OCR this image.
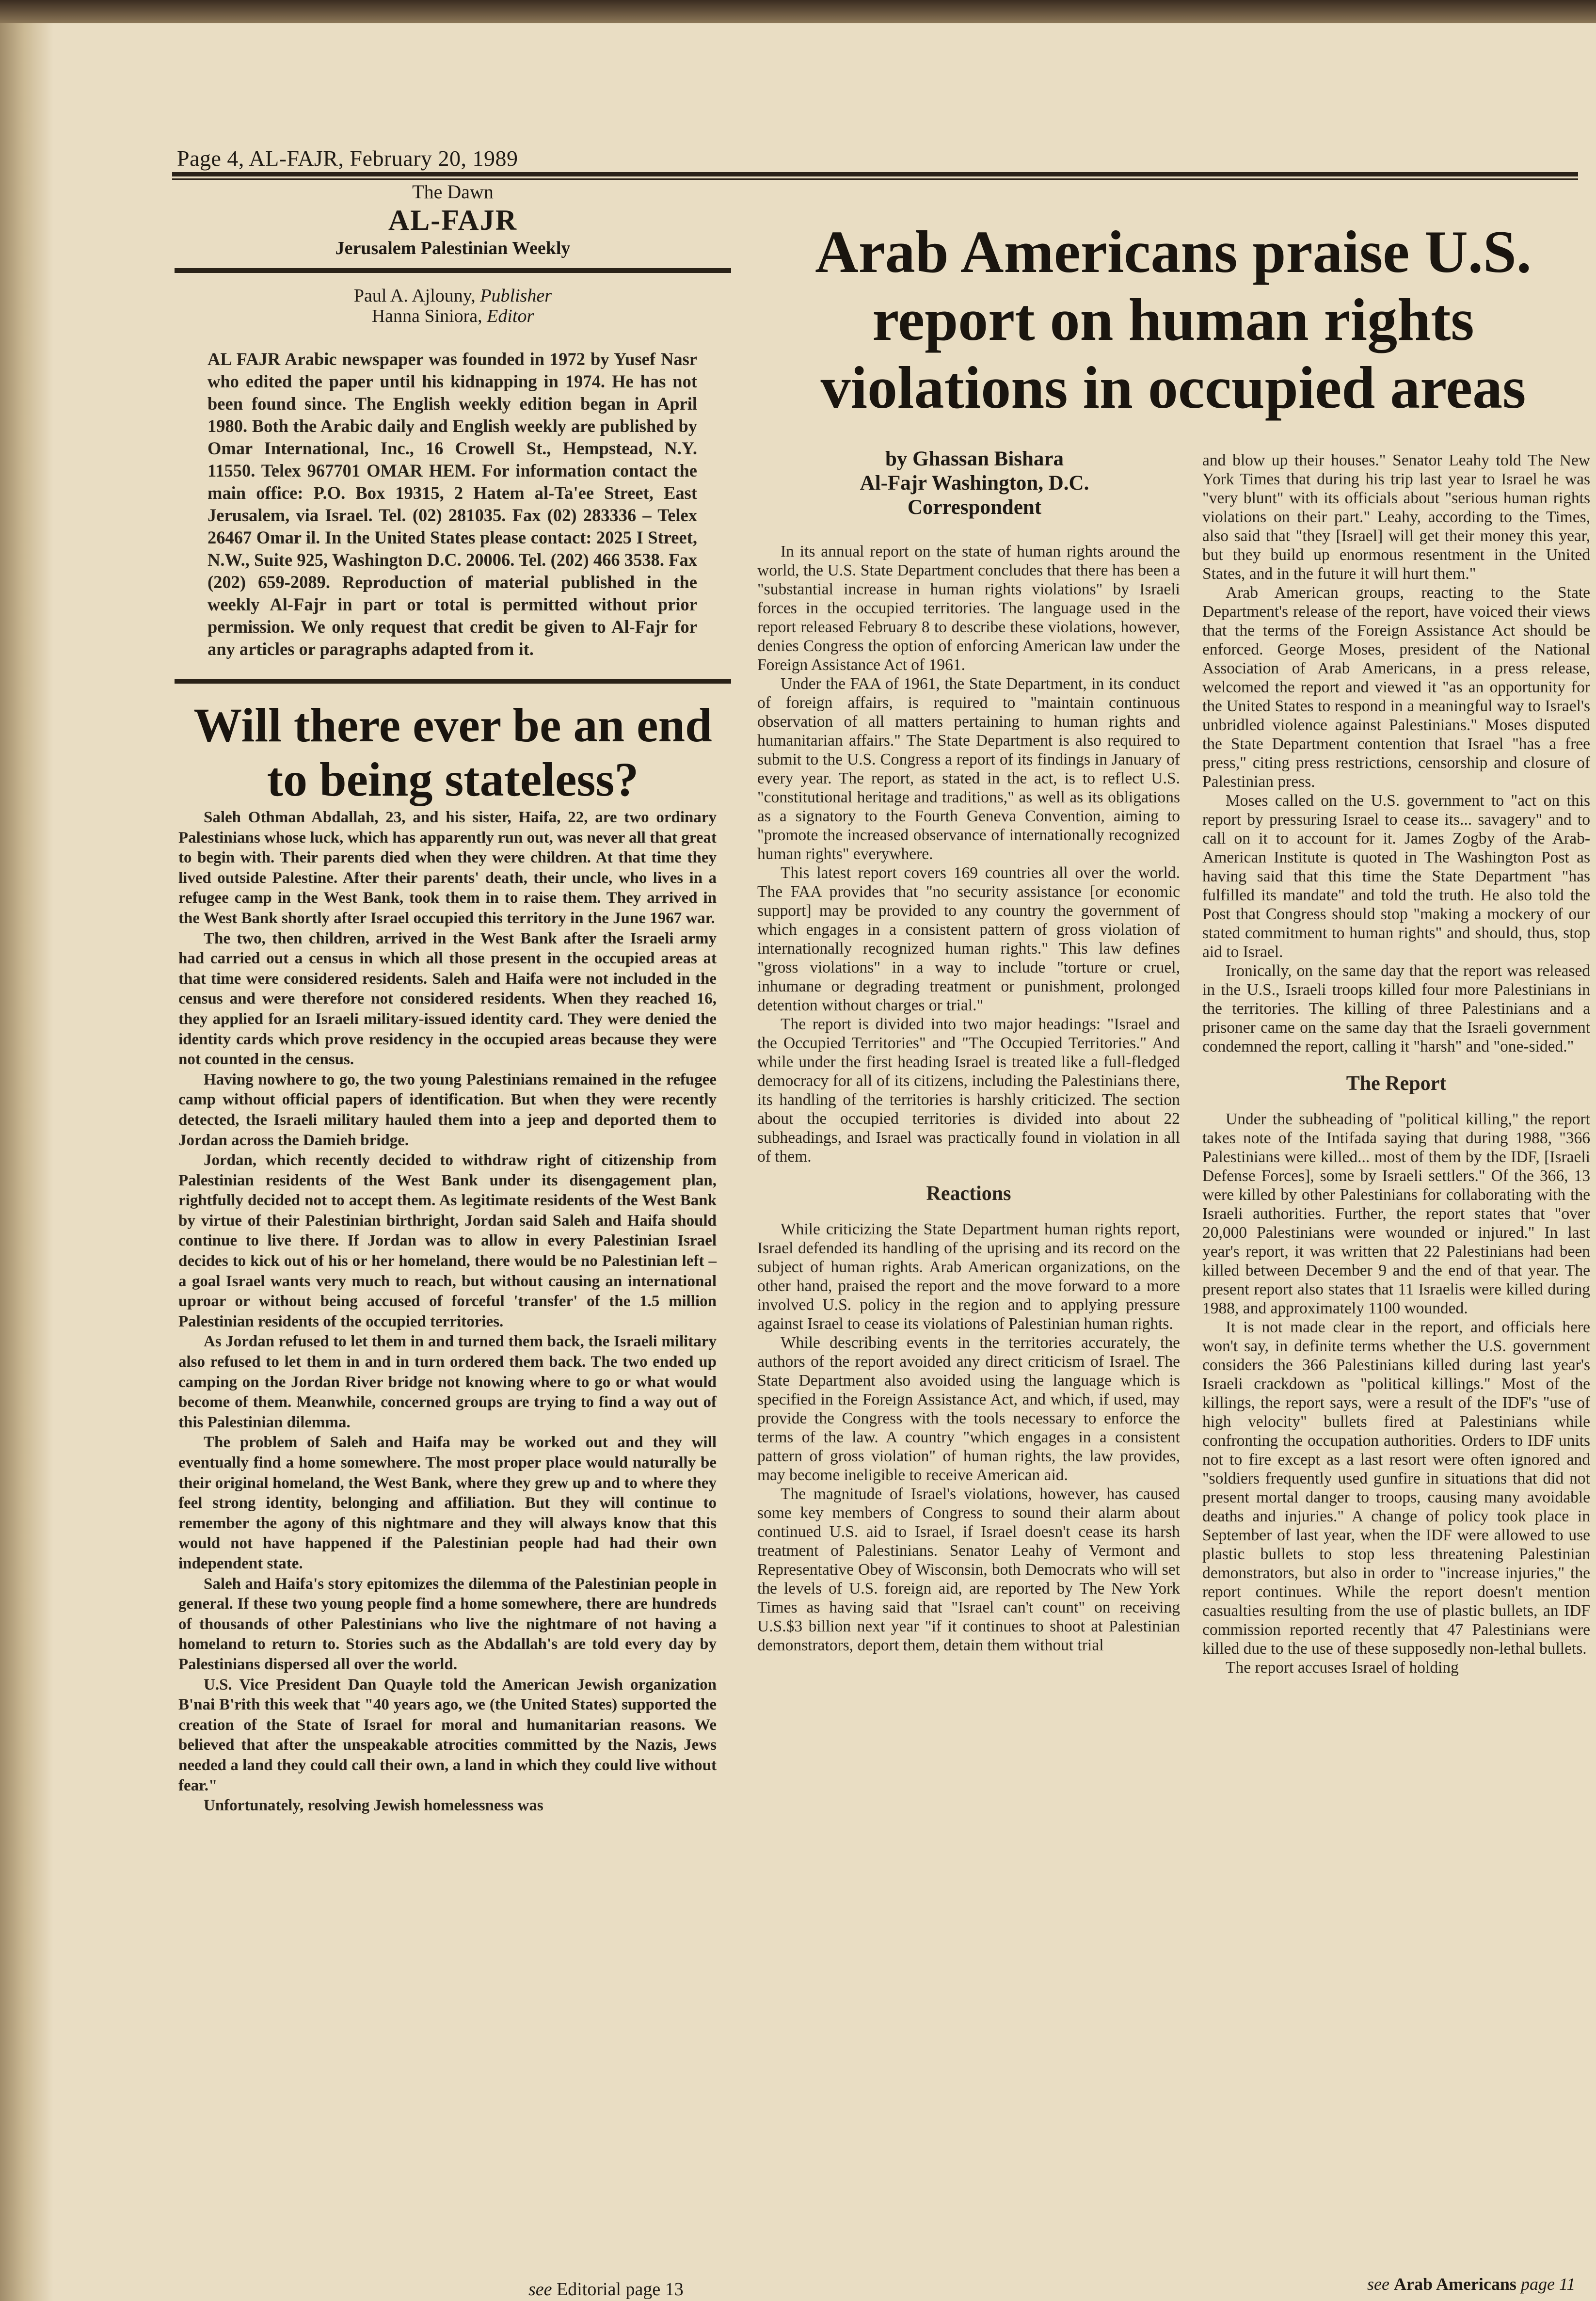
Page 4, AL-FAJR, February 20, 1989
The Dawn
AL-FAJR
Jerusalem Palestinian Weekly
Paul A. Ajlouny, Publisher
Hanna Siniora, Editor
AL FAJR Arabic newspaper was founded in 1972 by Yusef Nasr who edited the paper until his kidnapping in 1974. He has not been found since. The English weekly edition began in April 1980. Both the Arabic daily and English weekly are published by Omar International, Inc., 16 Crowell St., Hempstead, N.Y. 11550. Telex 967701 OMAR HEM. For information contact the main office: P.O. Box 19315, 2 Hatem al-Ta'ee Street, East Jerusalem, via Israel. Tel. (02) 281035. Fax (02) 283336 – Telex 26467 Omar il. In the United States please contact: 2025 I Street, N.W., Suite 925, Washington D.C. 20006. Tel. (202) 466 3538. Fax (202) 659-2089. Reproduction of material published in the weekly Al-Fajr in part or total is permitted without prior permission. We only request that credit be given to Al-Fajr for any articles or paragraphs adapted from it.
Will there ever be an end to being stateless?

Saleh Othman Abdallah, 23, and his sister, Haifa, 22, are two ordinary Palestinians whose luck, which has apparently run out, was never all that great to begin with. Their parents died when they were children. At that time they lived outside Palestine. After their parents' death, their uncle, who lives in a refugee camp in the West Bank, took them in to raise them. They arrived in the West Bank shortly after Israel occupied this territory in the June 1967 war.

The two, then children, arrived in the West Bank after the Israeli army had carried out a census in which all those present in the occupied areas at that time were considered residents. Saleh and Haifa were not included in the census and were therefore not considered residents. When they reached 16, they applied for an Israeli military-issued identity card. They were denied the identity cards which prove residency in the occupied areas because they were not counted in the census.

Having nowhere to go, the two young Palestinians remained in the refugee camp without official papers of identification. But when they were recently detected, the Israeli military hauled them into a jeep and deported them to Jordan across the Damieh bridge.

Jordan, which recently decided to withdraw right of citizenship from Palestinian residents of the West Bank under its disengagement plan, rightfully decided not to accept them. As legitimate residents of the West Bank by virtue of their Palestinian birthright, Jordan said Saleh and Haifa should continue to live there. If Jordan was to allow in every Palestinian Israel decides to kick out of his or her homeland, there would be no Palestinian left – a goal Israel wants very much to reach, but without causing an international uproar or without being accused of forceful 'transfer' of the 1.5 million Palestinian residents of the occupied territories.

As Jordan refused to let them in and turned them back, the Israeli military also refused to let them in and in turn ordered them back. The two ended up camping on the Jordan River bridge not knowing where to go or what would become of them. Meanwhile, concerned groups are trying to find a way out of this Palestinian dilemma.

The problem of Saleh and Haifa may be worked out and they will eventually find a home somewhere. The most proper place would naturally be their original homeland, the West Bank, where they grew up and to where they feel strong identity, belonging and affiliation. But they will continue to remember the agony of this nightmare and they will always know that this would not have happened if the Palestinian people had had their own independent state.

Saleh and Haifa's story epitomizes the dilemma of the Palestinian people in general. If these two young people find a home somewhere, there are hundreds of thousands of other Palestinians who live the nightmare of not having a homeland to return to. Stories such as the Abdallah's are told every day by Palestinians dispersed all over the world.

U.S. Vice President Dan Quayle told the American Jewish organization B'nai B'rith this week that "40 years ago, we (the United States) supported the creation of the State of Israel for moral and humanitarian reasons. We believed that after the unspeakable atrocities committed by the Nazis, Jews needed a land they could call their own, a land in which they could live without fear."

Unfortunately, resolving Jewish homelessness was

see Editorial page 13
Arab Americans praise U.S. report on human rights violations in occupied areas
by Ghassan Bishara
Al-Fajr Washington, D.C.
Correspondent

In its annual report on the state of human rights around the world, the U.S. State Department concludes that there has been a "substantial increase in human rights violations" by Israeli forces in the occupied territories. The language used in the report released February 8 to describe these violations, however, denies Congress the option of enforcing American law under the Foreign Assistance Act of 1961.

Under the FAA of 1961, the State Department, in its conduct of foreign affairs, is required to "maintain continuous observation of all matters pertaining to human rights and humanitarian affairs." The State Department is also required to submit to the U.S. Congress a report of its findings in January of every year. The report, as stated in the act, is to reflect U.S. "constitutional heritage and traditions," as well as its obligations as a signatory to the Fourth Geneva Convention, aiming to "promote the increased observance of internationally recognized human rights" everywhere.

This latest report covers 169 countries all over the world. The FAA provides that "no security assistance [or economic support] may be provided to any country the government of which engages in a consistent pattern of gross violation of internationally recognized human rights." This law defines "gross violations" in a way to include "torture or cruel, inhumane or degrading treatment or punishment, prolonged detention without charges or trial."

The report is divided into two major headings: "Israel and the Occupied Territories" and "The Occupied Territories." And while under the first heading Israel is treated like a full-fledged democracy for all of its citizens, including the Palestinians there, its handling of the territories is harshly criticized. The section about the occupied territories is divided into about 22 subheadings, and Israel was practically found in violation in all of them.

Reactions

While criticizing the State Department human rights report, Israel defended its handling of the uprising and its record on the subject of human rights. Arab American organizations, on the other hand, praised the report and the move forward to a more involved U.S. policy in the region and to applying pressure against Israel to cease its violations of Palestinian human rights.

While describing events in the territories accurately, the authors of the report avoided any direct criticism of Israel. The State Department also avoided using the language which is specified in the Foreign Assistance Act, and which, if used, may provide the Congress with the tools necessary to enforce the terms of the law. A country "which engages in a consistent pattern of gross violation" of human rights, the law provides, may become ineligible to receive American aid.

The magnitude of Israel's violations, however, has caused some key members of Congress to sound their alarm about continued U.S. aid to Israel, if Israel doesn't cease its harsh treatment of Palestinians. Senator Leahy of Vermont and Representative Obey of Wisconsin, both Democrats who will set the levels of U.S. foreign aid, are reported by The New York Times as having said that "Israel can't count" on receiving U.S.$3 billion next year "if it continues to shoot at Palestinian demonstrators, deport them, detain them without trial

and blow up their houses." Senator Leahy told The New York Times that during his trip last year to Israel he was "very blunt" with its officials about "serious human rights violations on their part." Leahy, according to the Times, also said that "they [Israel] will get their money this year, but they build up enormous resentment in the United States, and in the future it will hurt them."

Arab American groups, reacting to the State Department's release of the report, have voiced their views that the terms of the Foreign Assistance Act should be enforced. George Moses, president of the National Association of Arab Americans, in a press release, welcomed the report and viewed it "as an opportunity for the United States to respond in a meaningful way to Israel's unbridled violence against Palestinians." Moses disputed the State Department contention that Israel "has a free press," citing press restrictions, censorship and closure of Palestinian press.

Moses called on the U.S. government to "act on this report by pressuring Israel to cease its... savagery" and to call on it to account for it. James Zogby of the Arab-American Institute is quoted in The Washington Post as having said that this time the State Department "has fulfilled its mandate" and told the truth. He also told the Post that Congress should stop "making a mockery of our stated commitment to human rights" and should, thus, stop aid to Israel.

Ironically, on the same day that the report was released in the U.S., Israeli troops killed four more Palestinians in the territories. The killing of three Palestinians and a prisoner came on the same day that the Israeli government condemned the report, calling it "harsh" and "one-sided."

The Report

Under the subheading of "political killing," the report takes note of the Intifada saying that during 1988, "366 Palestinians were killed... most of them by the IDF, [Israeli Defense Forces], some by Israeli settlers." Of the 366, 13 were killed by other Palestinians for collaborating with the Israeli authorities. Further, the report states that "over 20,000 Palestinians were wounded or injured." In last year's report, it was written that 22 Palestinians had been killed between December 9 and the end of that year. The present report also states that 11 Israelis were killed during 1988, and approximately 1100 wounded.

It is not made clear in the report, and officials here won't say, in definite terms whether the U.S. government considers the 366 Palestinians killed during last year's Israeli crackdown as "political killings." Most of the killings, the report says, were a result of the IDF's "use of high velocity" bullets fired at Palestinians while confronting the occupation authorities. Orders to IDF units not to fire except as a last resort were often ignored and "soldiers frequently used gunfire in situations that did not present mortal danger to troops, causing many avoidable deaths and injuries." A change of policy took place in September of last year, when the IDF were allowed to use plastic bullets to stop less threatening Palestinian demonstrators, but also in order to "increase injuries," the report continues. While the report doesn't mention casualties resulting from the use of plastic bullets, an IDF commission reported recently that 47 Palestinians were killed due to the use of these supposedly non-lethal bullets.

The report accuses Israel of holding

see Arab Americans page 11
